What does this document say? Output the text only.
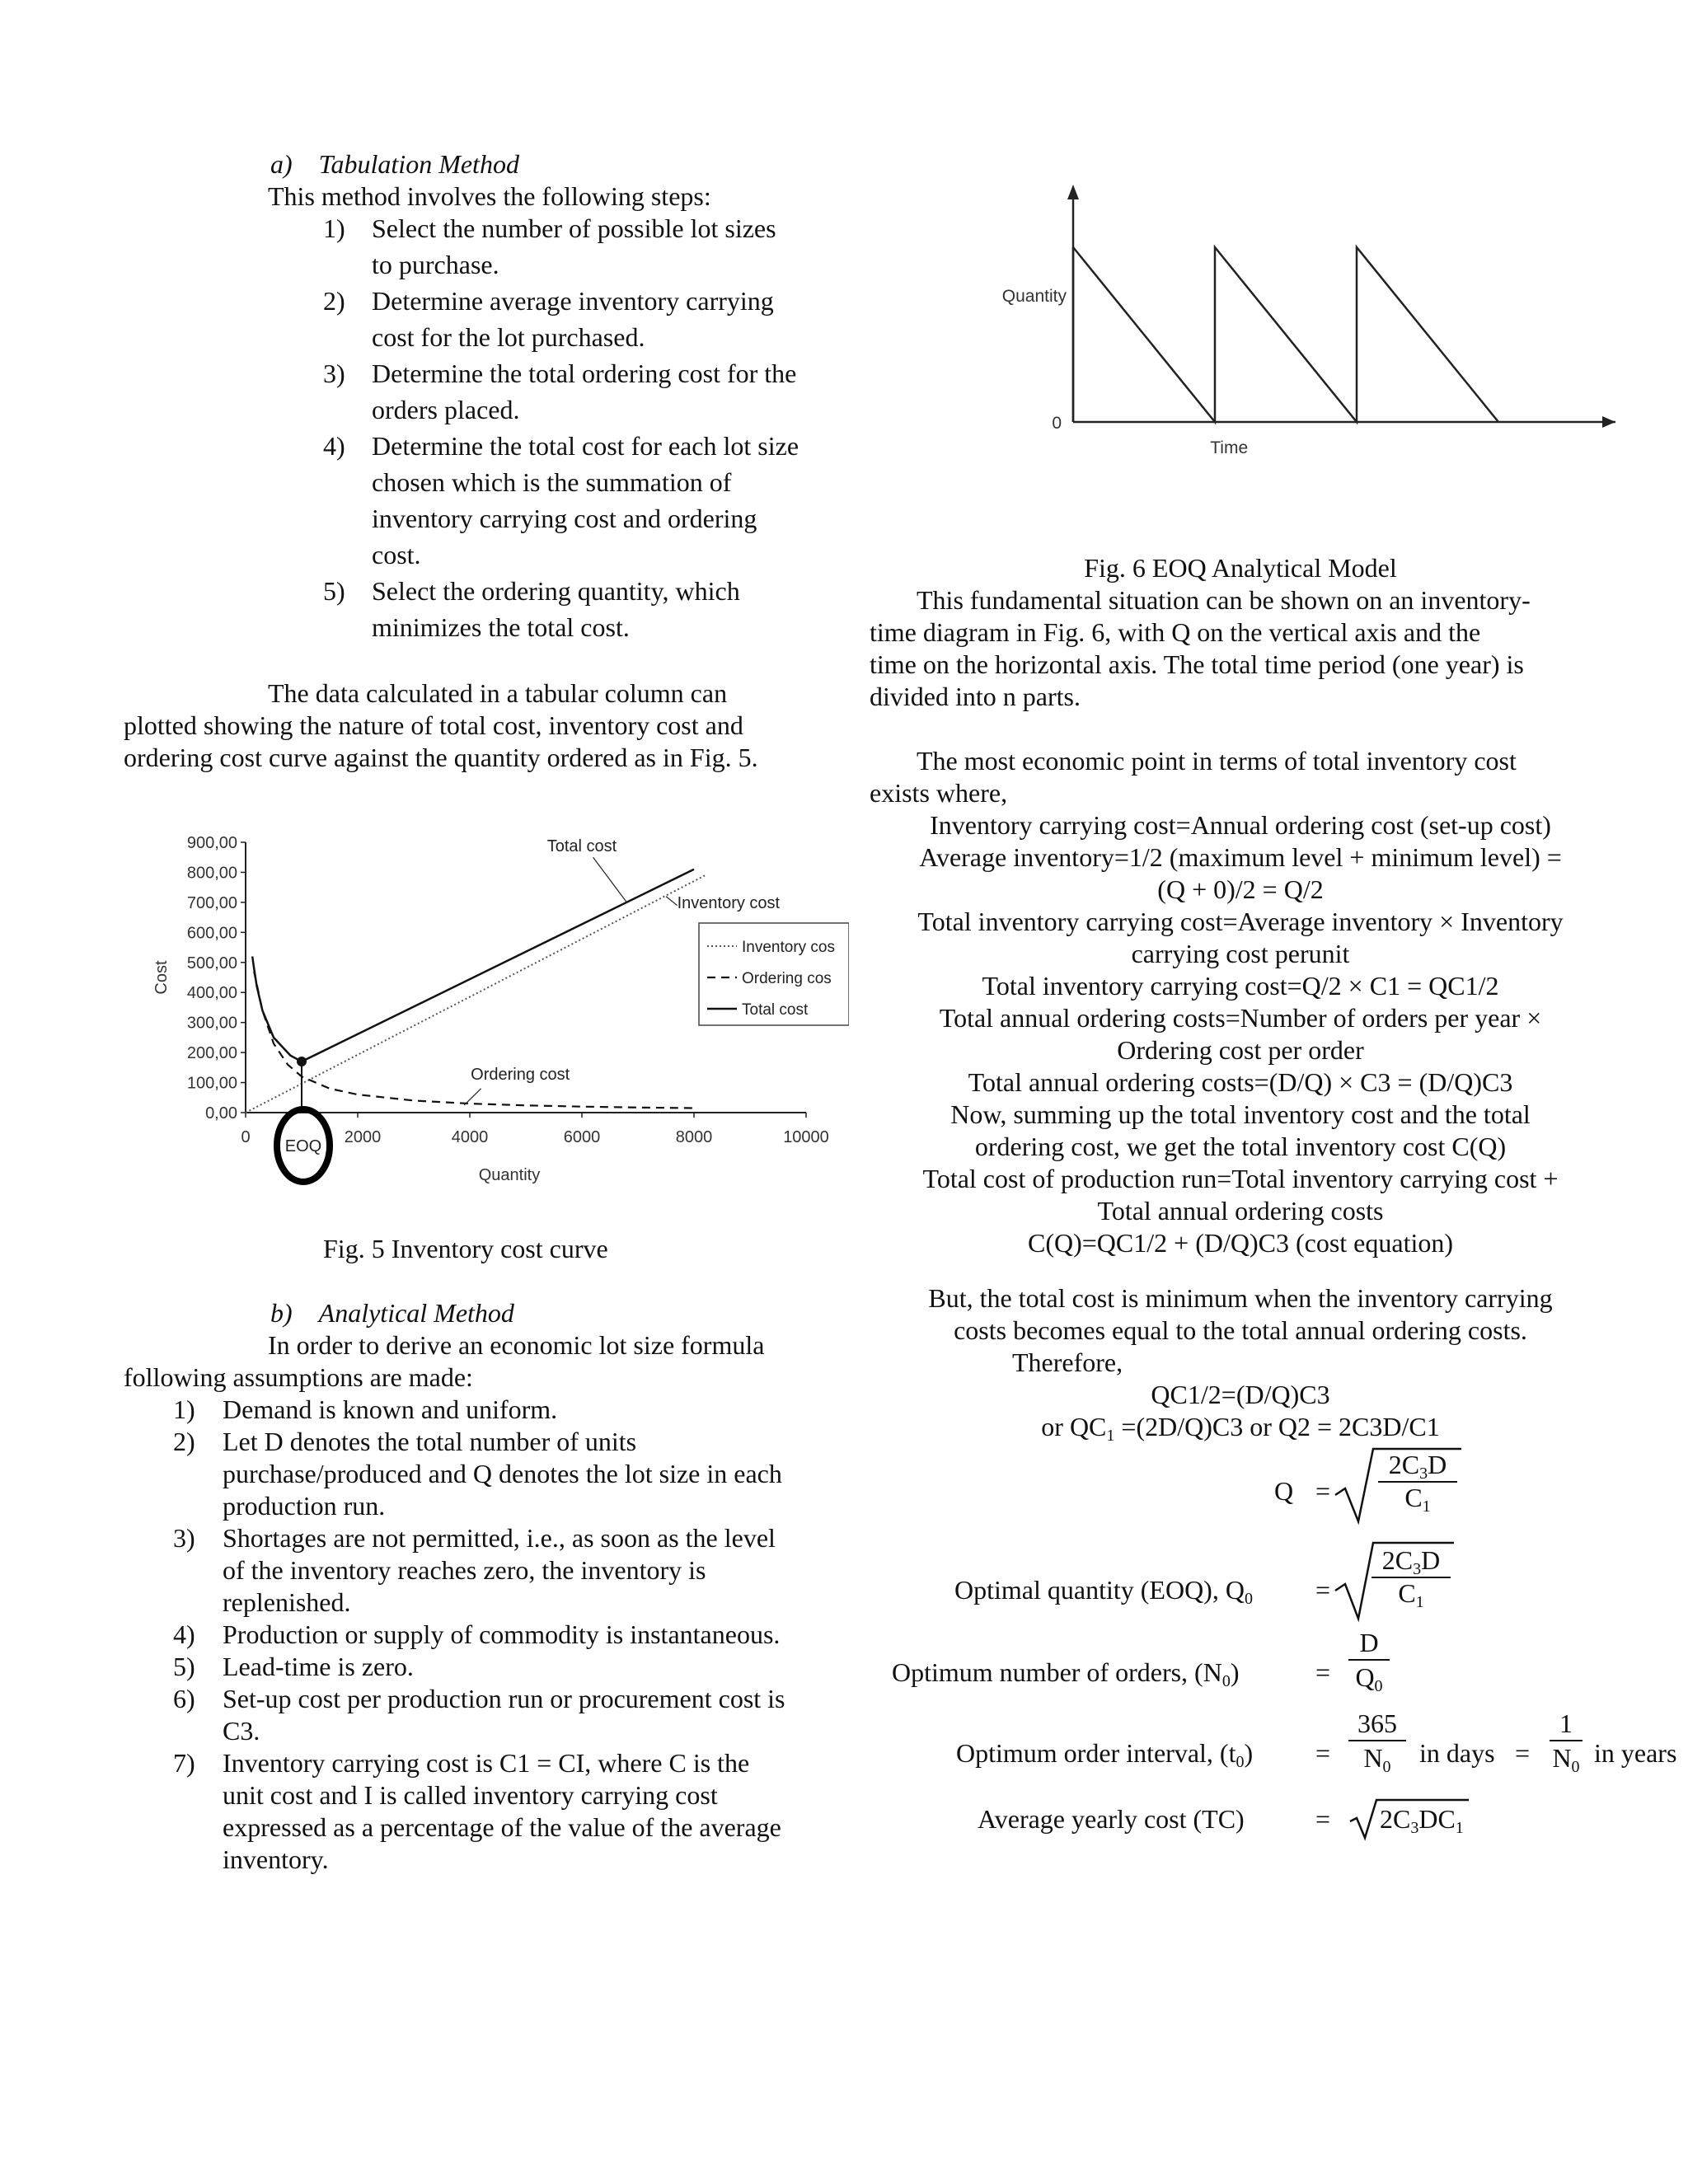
a) Tabulation Method
This method involves the following steps:
1) Select the number of possible lot sizes
to purchase.
2) Determine average inventory carrying
cost for the lot purchased.
3) Determine the total ordering cost for the
orders placed.
4) Determine the total cost for each lot size
chosen which is the summation of
inventory carrying cost and ordering
cost.
5) Select the ordering quantity, which
minimizes the total cost.
The data calculated in a tabular column can
plotted showing the nature of total cost, inventory cost and
ordering cost curve against the quantity ordered as in Fig. 5.
900,00
800,00
700,00
600,00
500,00
400,00
300,00
200,00
100,00
0,00
0	4000	6000	8000	10000
2000
Quantity
Cost
EOQ
Total cost
Inventory cost
Ordering cost
Inventory cos
Ordering cos
Total cost
Fig. 5 Inventory cost curve
b) Analytical Method
In order to derive an economic lot size formula
following assumptions are made:
1) Demand is known and uniform.
2) Let D denotes the total number of units
purchase/produced and Q denotes the lot size in each
production run.
3) Shortages are not permitted, i.e., as soon as the level
of the inventory reaches zero, the inventory is
replenished.
4) Production or supply of commodity is instantaneous.
5) Lead-time is zero.
6) Set-up cost per production run or procurement cost is
C3.
7) Inventory carrying cost is C1 = CI, where C is the
unit cost and I is called inventory carrying cost
expressed as a percentage of the value of the average
inventory.
Quantity
0
Time
Fig. 6 EOQ Analytical Model
This fundamental situation can be shown on an inventory-
time diagram in Fig. 6, with Q on the vertical axis and the
time on the horizontal axis. The total time period (one year) is
divided into n parts.
The most economic point in terms of total inventory cost
exists where,
Inventory carrying cost=Annual ordering cost (set-up cost)
Average inventory=1/2 (maximum level + minimum level) =
(Q + 0)/2 = Q/2
Total inventory carrying cost=Average inventory × Inventory
carrying cost perunit
Total inventory carrying cost=Q/2 × C1 = QC1/2
Total annual ordering costs=Number of orders per year ×
Ordering cost per order
Total annual ordering costs=(D/Q) × C3 = (D/Q)C3
Now, summing up the total inventory cost and the total
ordering cost, we get the total inventory cost C(Q)
Total cost of production run=Total inventory carrying cost +
Total annual ordering costs
C(Q)=QC1/2 + (D/Q)C3 (cost equation)
But, the total cost is minimum when the inventory carrying
costs becomes equal to the total annual ordering costs.
Therefore,
QC1/2=(D/Q)C3
or $QC_1 =(2D/Q)C3$ or Q2 = 2C3D/C1
Q =
$2C_3D$
$C_1$
Optimal quantity (EOQ), $Q_0$ =
$2C_3D$
$C_1$
Optimum number of orders, $(N_0)$	=
D
$Q_0$
Optimum order interval, $(t_0)$ =
365
$N_0$	in days =
1
$N_0$ in years
Average yearly cost (TC)	= $2C_3DC_1$
